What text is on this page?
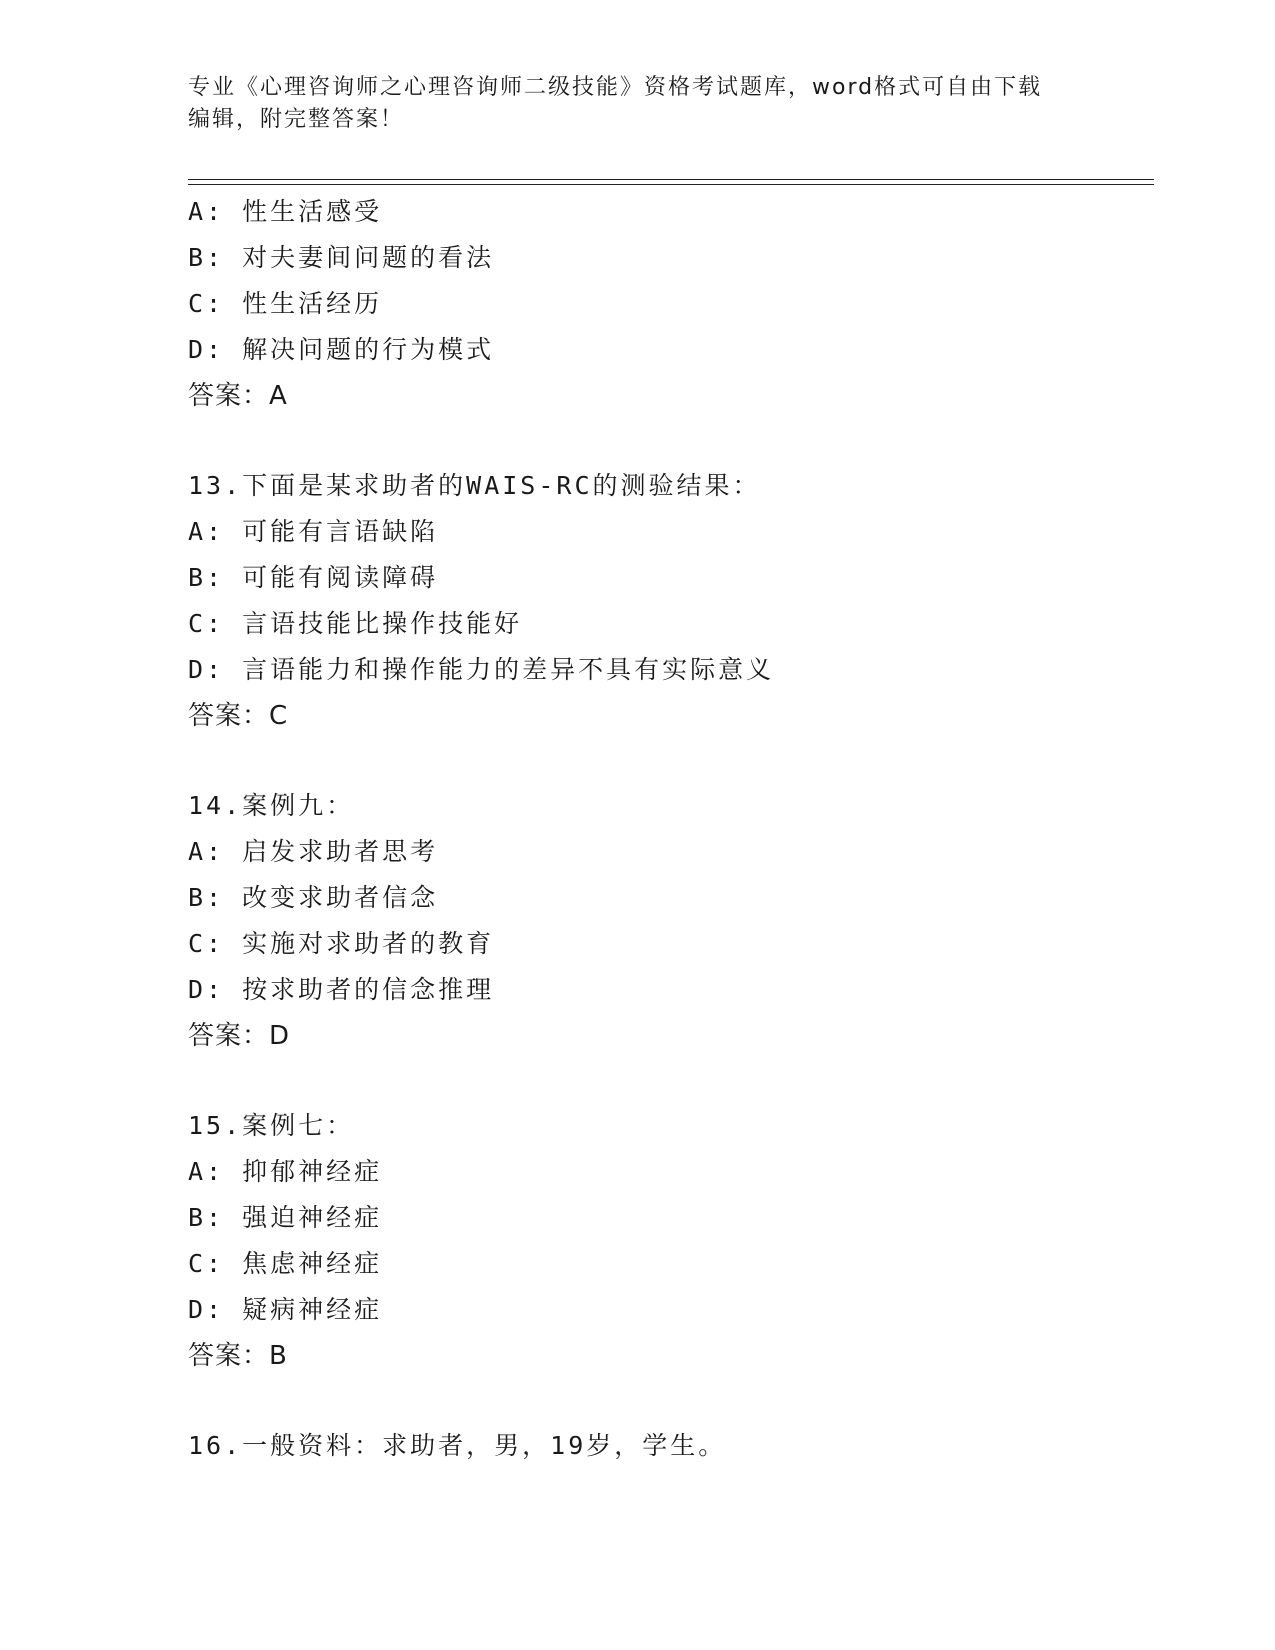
专业《心理咨询师之心理咨询师二级技能》资格考试题库，word格式可自由下载
编辑，附完整答案！
A: 性生活感受
B: 对夫妻间问题的看法
C: 性生活经历
D: 解决问题的行为模式
答案：A
13.下面是某求助者的WAIS-RC的测验结果：
A: 可能有言语缺陷
B: 可能有阅读障碍
C: 言语技能比操作技能好
D: 言语能力和操作能力的差异不具有实际意义
答案：C
14.案例九：
A: 启发求助者思考
B: 改变求助者信念
C: 实施对求助者的教育
D: 按求助者的信念推理
答案：D
15.案例七：
A: 抑郁神经症
B: 强迫神经症
C: 焦虑神经症
D: 疑病神经症
答案：B
16.一般资料：求助者，男，19岁，学生。
